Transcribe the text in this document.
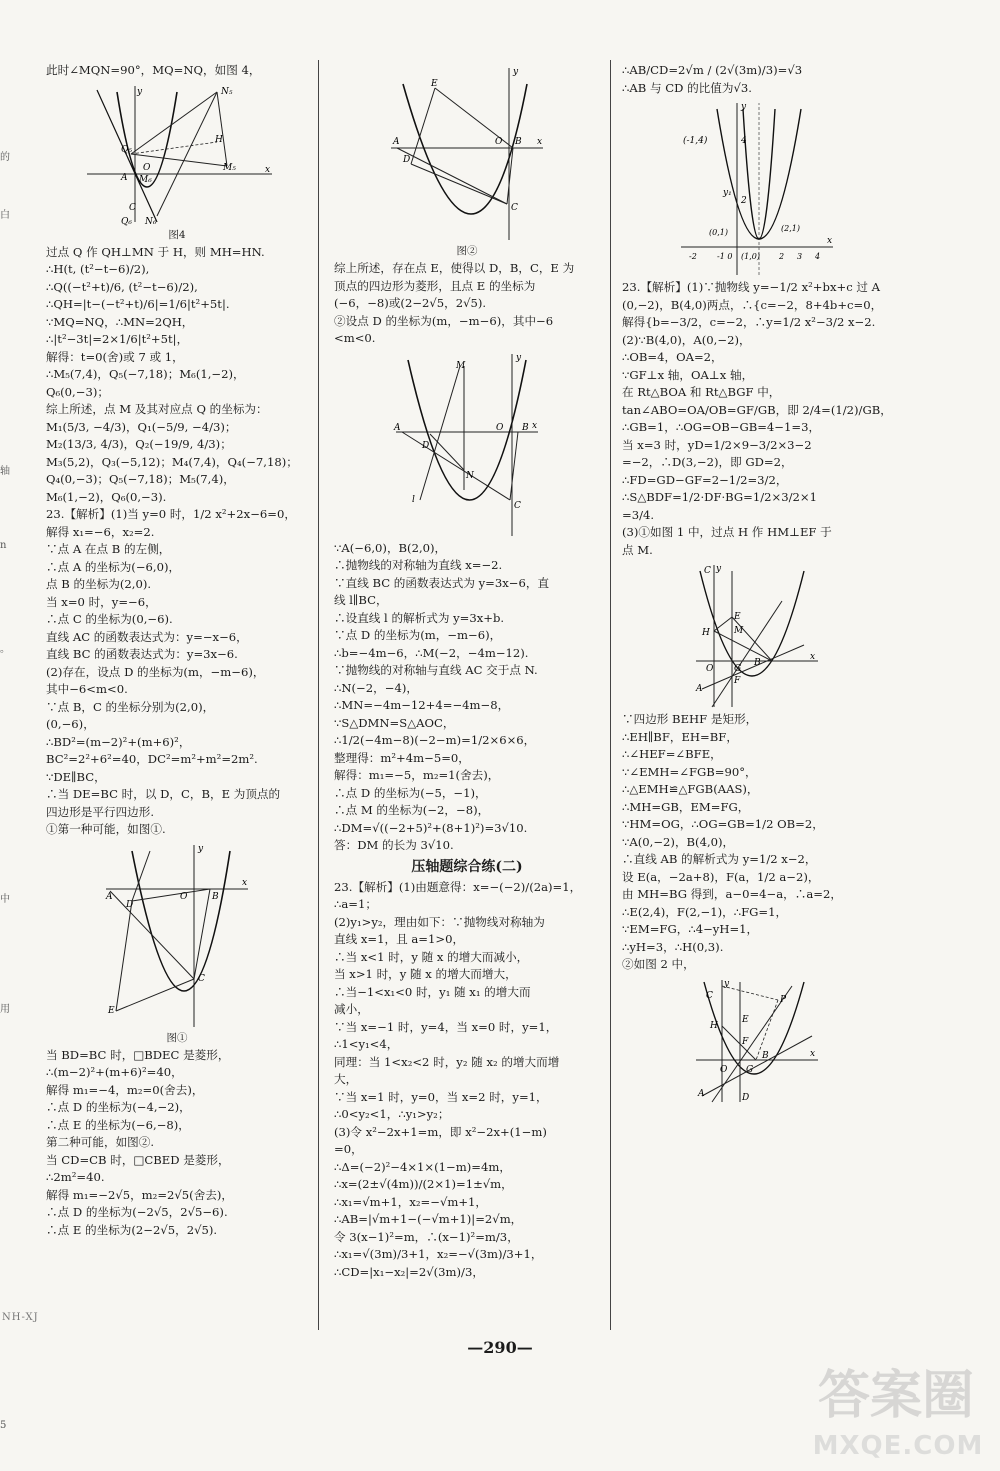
的
白
轴
n
。
中
用
5
NH-XJ
此时∠MQN=90°，MQ=NQ，如图 4，
N₅
H
M₅
Q₅
A M₆
O
C
Q₆ N₆
x
y
图4
过点 Q 作 QH⊥MN 于 H，则 MH=HN.
∴H(t, (t²−t−6)/2),
∴Q((−t²+t)/6, (t²−t−6)/2),
∴QH=|t−(−t²+t)/6|=1/6|t²+5t|.
∵MQ=NQ，∴MN=2QH，
∴|t²−3t|=2×1/6|t²+5t|，
解得：t=0(舍)或 7 或 1，
∴M₅(7,4)，Q₅(−7,18)；M₆(1,−2)，
Q₆(0,−3)；
综上所述，点 M 及其对应点 Q 的坐标为：
M₁(5/3, −4/3)，Q₁(−5/9, −4/3)；
M₂(13/3, 4/3)，Q₂(−19/9, 4/3)；
M₃(5,2)，Q₃(−5,12)；M₄(7,4)，Q₄(−7,18)；
Q₄(0,−3)；Q₅(−7,18)；M₅(7,4)，
M₆(1,−2)，Q₆(0,−3).
23.【解析】(1)当 y=0 时，1/2 x²+2x−6=0，
解得 x₁=−6，x₂=2.
∵点 A 在点 B 的左侧，
∴点 A 的坐标为(−6,0)，
点 B 的坐标为(2,0).
当 x=0 时，y=−6，
∴点 C 的坐标为(0,−6).
直线 AC 的函数表达式为：y=−x−6，
直线 BC 的函数表达式为：y=3x−6.
(2)存在，设点 D 的坐标为(m，−m−6)，
其中−6<m<0.
∵点 B，C 的坐标分别为(2,0)，
(0,−6)，
∴BD²=(m−2)²+(m+6)²，
BC²=2²+6²=40，DC²=m²+m²=2m².
∵DE∥BC，
∴当 DE=BC 时，以 D，C，B，E 为顶点的
四边形是平行四边形.
①第一种可能，如图①.
A
D
O	B
C
E
y
x
图①
当 BD=BC 时，□BDEC 是菱形，
∴(m−2)²+(m+6)²=40，
解得 m₁=−4，m₂=0(舍去)，
∴点 D 的坐标为(−4,−2)，
∴点 E 的坐标为(−6,−8)，
第二种可能，如图②.
当 CD=CB 时，□CBED 是菱形，
∴2m²=40.
解得 m₁=−2√5，m₂=2√5(舍去)，
∴点 D 的坐标为(−2√5，2√5−6).
∴点 E 的坐标为(2−2√5，2√5).
A
D
E
O B
C
y
x
图②
综上所述，存在点 E，使得以 D，B，C，E 为
顶点的四边形为菱形，且点 E 的坐标为
(−6，−8)或(2−2√5，2√5).
②设点 D 的坐标为(m，−m−6)，其中−6
<m<0.
A
D
M
N
O B
C
l
y
x
∵A(−6,0)，B(2,0)，
∴抛物线的对称轴为直线 x=−2.
∵直线 BC 的函数表达式为 y=3x−6，直
线 l∥BC，
∴设直线 l 的解析式为 y=3x+b.
∵点 D 的坐标为(m，−m−6)，
∴b=−4m−6，∴M(−2，−4m−12).
∵抛物线的对称轴与直线 AC 交于点 N.
∴N(−2，−4)，
∴MN=−4m−12+4=−4m−8，
∵S△DMN=S△AOC，
∴1/2(−4m−8)(−2−m)=1/2×6×6，
整理得：m²+4m−5=0，
解得：m₁=−5，m₂=1(舍去)，
∴点 D 的坐标为(−5，−1)，
∴点 M 的坐标为(−2，−8)，
∴DM=√((−2+5)²+(8+1)²)=3√10.
答：DM 的长为 3√10.
压轴题综合练(二)
23.【解析】(1)由题意得：x=−(−2)/(2a)=1，
∴a=1；
(2)y₁>y₂，理由如下：∵抛物线对称轴为
直线 x=1，且 a=1>0，
∴当 x<1 时，y 随 x 的增大而减小，
当 x>1 时，y 随 x 的增大而增大，
∴当−1<x₁<0 时，y₁ 随 x₁ 的增大而
减小，
∵当 x=−1 时，y=4，当 x=0 时，y=1，
∴1<y₁<4，
同理：当 1<x₂<2 时，y₂ 随 x₂ 的增大而增
大，
∵当 x=1 时，y=0，当 x=2 时，y=1，
∴0<y₂<1，∴y₁>y₂；
(3)令 x²−2x+1=m，即 x²−2x+(1−m)
=0，
∴Δ=(−2)²−4×1×(1−m)=4m，
∴x=(2±√(4m))/(2×1)=1±√m，
∴x₁=√m+1，x₂=−√m+1，
∴AB=|√m+1−(−√m+1)|=2√m，
令 3(x−1)²=m，∴(x−1)²=m/3，
∴x₁=√(3m)/3+1，x₂=−√(3m)/3+1，
∴CD=|x₁−x₂|=2√(3m)/3，
∴AB/CD=2√m / (2√(3m)/3)=√3
∴AB 与 CD 的比值为√3.
(-1,4)
y₁
4
2
(0,1)	(2,1)
(1,0)
-2	-1 0	2 3 4
y
x
23.【解析】(1)∵抛物线 y=−1/2 x²+bx+c 过 A
(0,−2)，B(4,0)两点，∴{c=−2，8+4b+c=0，
解得{b=−3/2，c=−2，∴y=1/2 x²−3/2 x−2.
(2)∵B(4,0)，A(0,−2)，
∴OB=4，OA=2，
∵GF⊥x 轴，OA⊥x 轴，
在 Rt△BOA 和 Rt△BGF 中，
tan∠ABO=OA/OB=GF/GB，即 2/4=(1/2)/GB，
∴GB=1，∴OG=OB−GB=4−1=3，
当 x=3 时，yD=1/2×9−3/2×3−2
=−2，∴D(3,−2)，即 GD=2，
∴FD=GD−GF=2−1/2=3/2，
∴S△BDF=1/2·DF·BG=1/2×3/2×1
=3/4.
(3)①如图 1 中，过点 H 作 HM⊥EF 于
点 M.
C y
E
H	M
O G
B
F
A
x
∵四边形 BEHF 是矩形，
∴EH∥BF，EH=BF，
∴∠HEF=∠BFE，
∵∠EMH=∠FGB=90°，
∴△EMH≌△FGB(AAS)，
∴MH=GB，EM=FG，
∵HM=OG，∴OG=GB=1/2 OB=2，
∵A(0,−2)，B(4,0)，
∴直线 AB 的解析式为 y=1/2 x−2，
设 E(a，−2a+8)，F(a，1/2 a−2)，
由 MH=BG 得到，a−0=4−a，∴a=2，
∴E(2,4)，F(2,−1)，∴FG=1，
∵EM=FG，∴4−yH=1，
∴yH=3，∴H(0,3).
②如图 2 中，
y
P
C
E
H
F
O G
B
A	D
x
—290—
答案圈
MXQE.COM
